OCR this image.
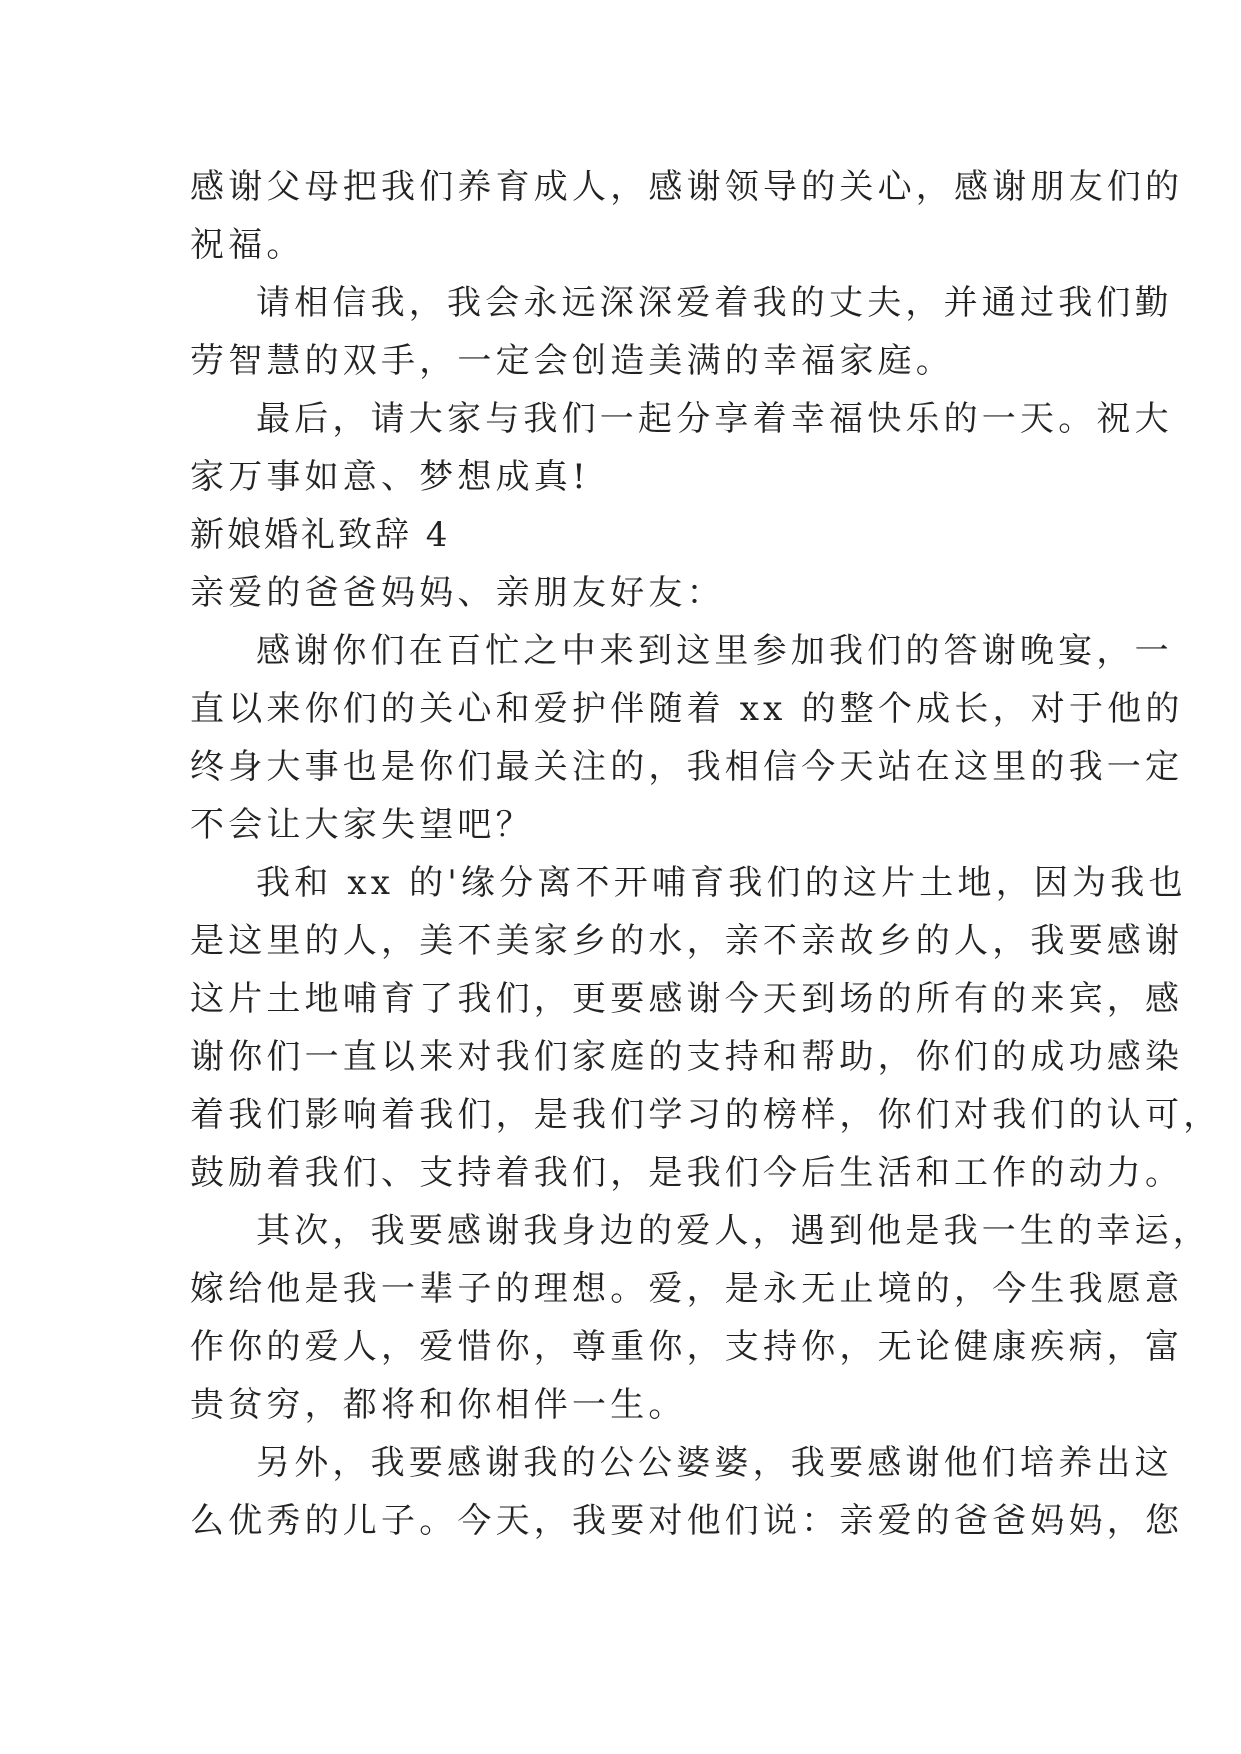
感谢父母把我们养育成人，感谢领导的关心，感谢朋友们的

祝福。

请相信我，我会永远深深爱着我的丈夫，并通过我们勤

劳智慧的双手，一定会创造美满的幸福家庭。

最后，请大家与我们一起分享着幸福快乐的一天。祝大

家万事如意、梦想成真!

新娘婚礼致辞 4

亲爱的爸爸妈妈、亲朋友好友：

感谢你们在百忙之中来到这里参加我们的答谢晚宴，一

直以来你们的关心和爱护伴随着 xx 的整个成长，对于他的

终身大事也是你们最关注的，我相信今天站在这里的我一定

不会让大家失望吧？

我和 xx 的'缘分离不开哺育我们的这片土地，因为我也

是这里的人，美不美家乡的水，亲不亲故乡的人，我要感谢

这片土地哺育了我们，更要感谢今天到场的所有的来宾，感

谢你们一直以来对我们家庭的支持和帮助，你们的成功感染

着我们影响着我们，是我们学习的榜样，你们对我们的认可，

鼓励着我们、支持着我们，是我们今后生活和工作的动力。

其次，我要感谢我身边的爱人，遇到他是我一生的幸运，

嫁给他是我一辈子的理想。爱，是永无止境的，今生我愿意

作你的爱人，爱惜你，尊重你，支持你，无论健康疾病，富

贵贫穷，都将和你相伴一生。

另外，我要感谢我的公公婆婆，我要感谢他们培养出这

么优秀的儿子。今天，我要对他们说：亲爱的爸爸妈妈，您
